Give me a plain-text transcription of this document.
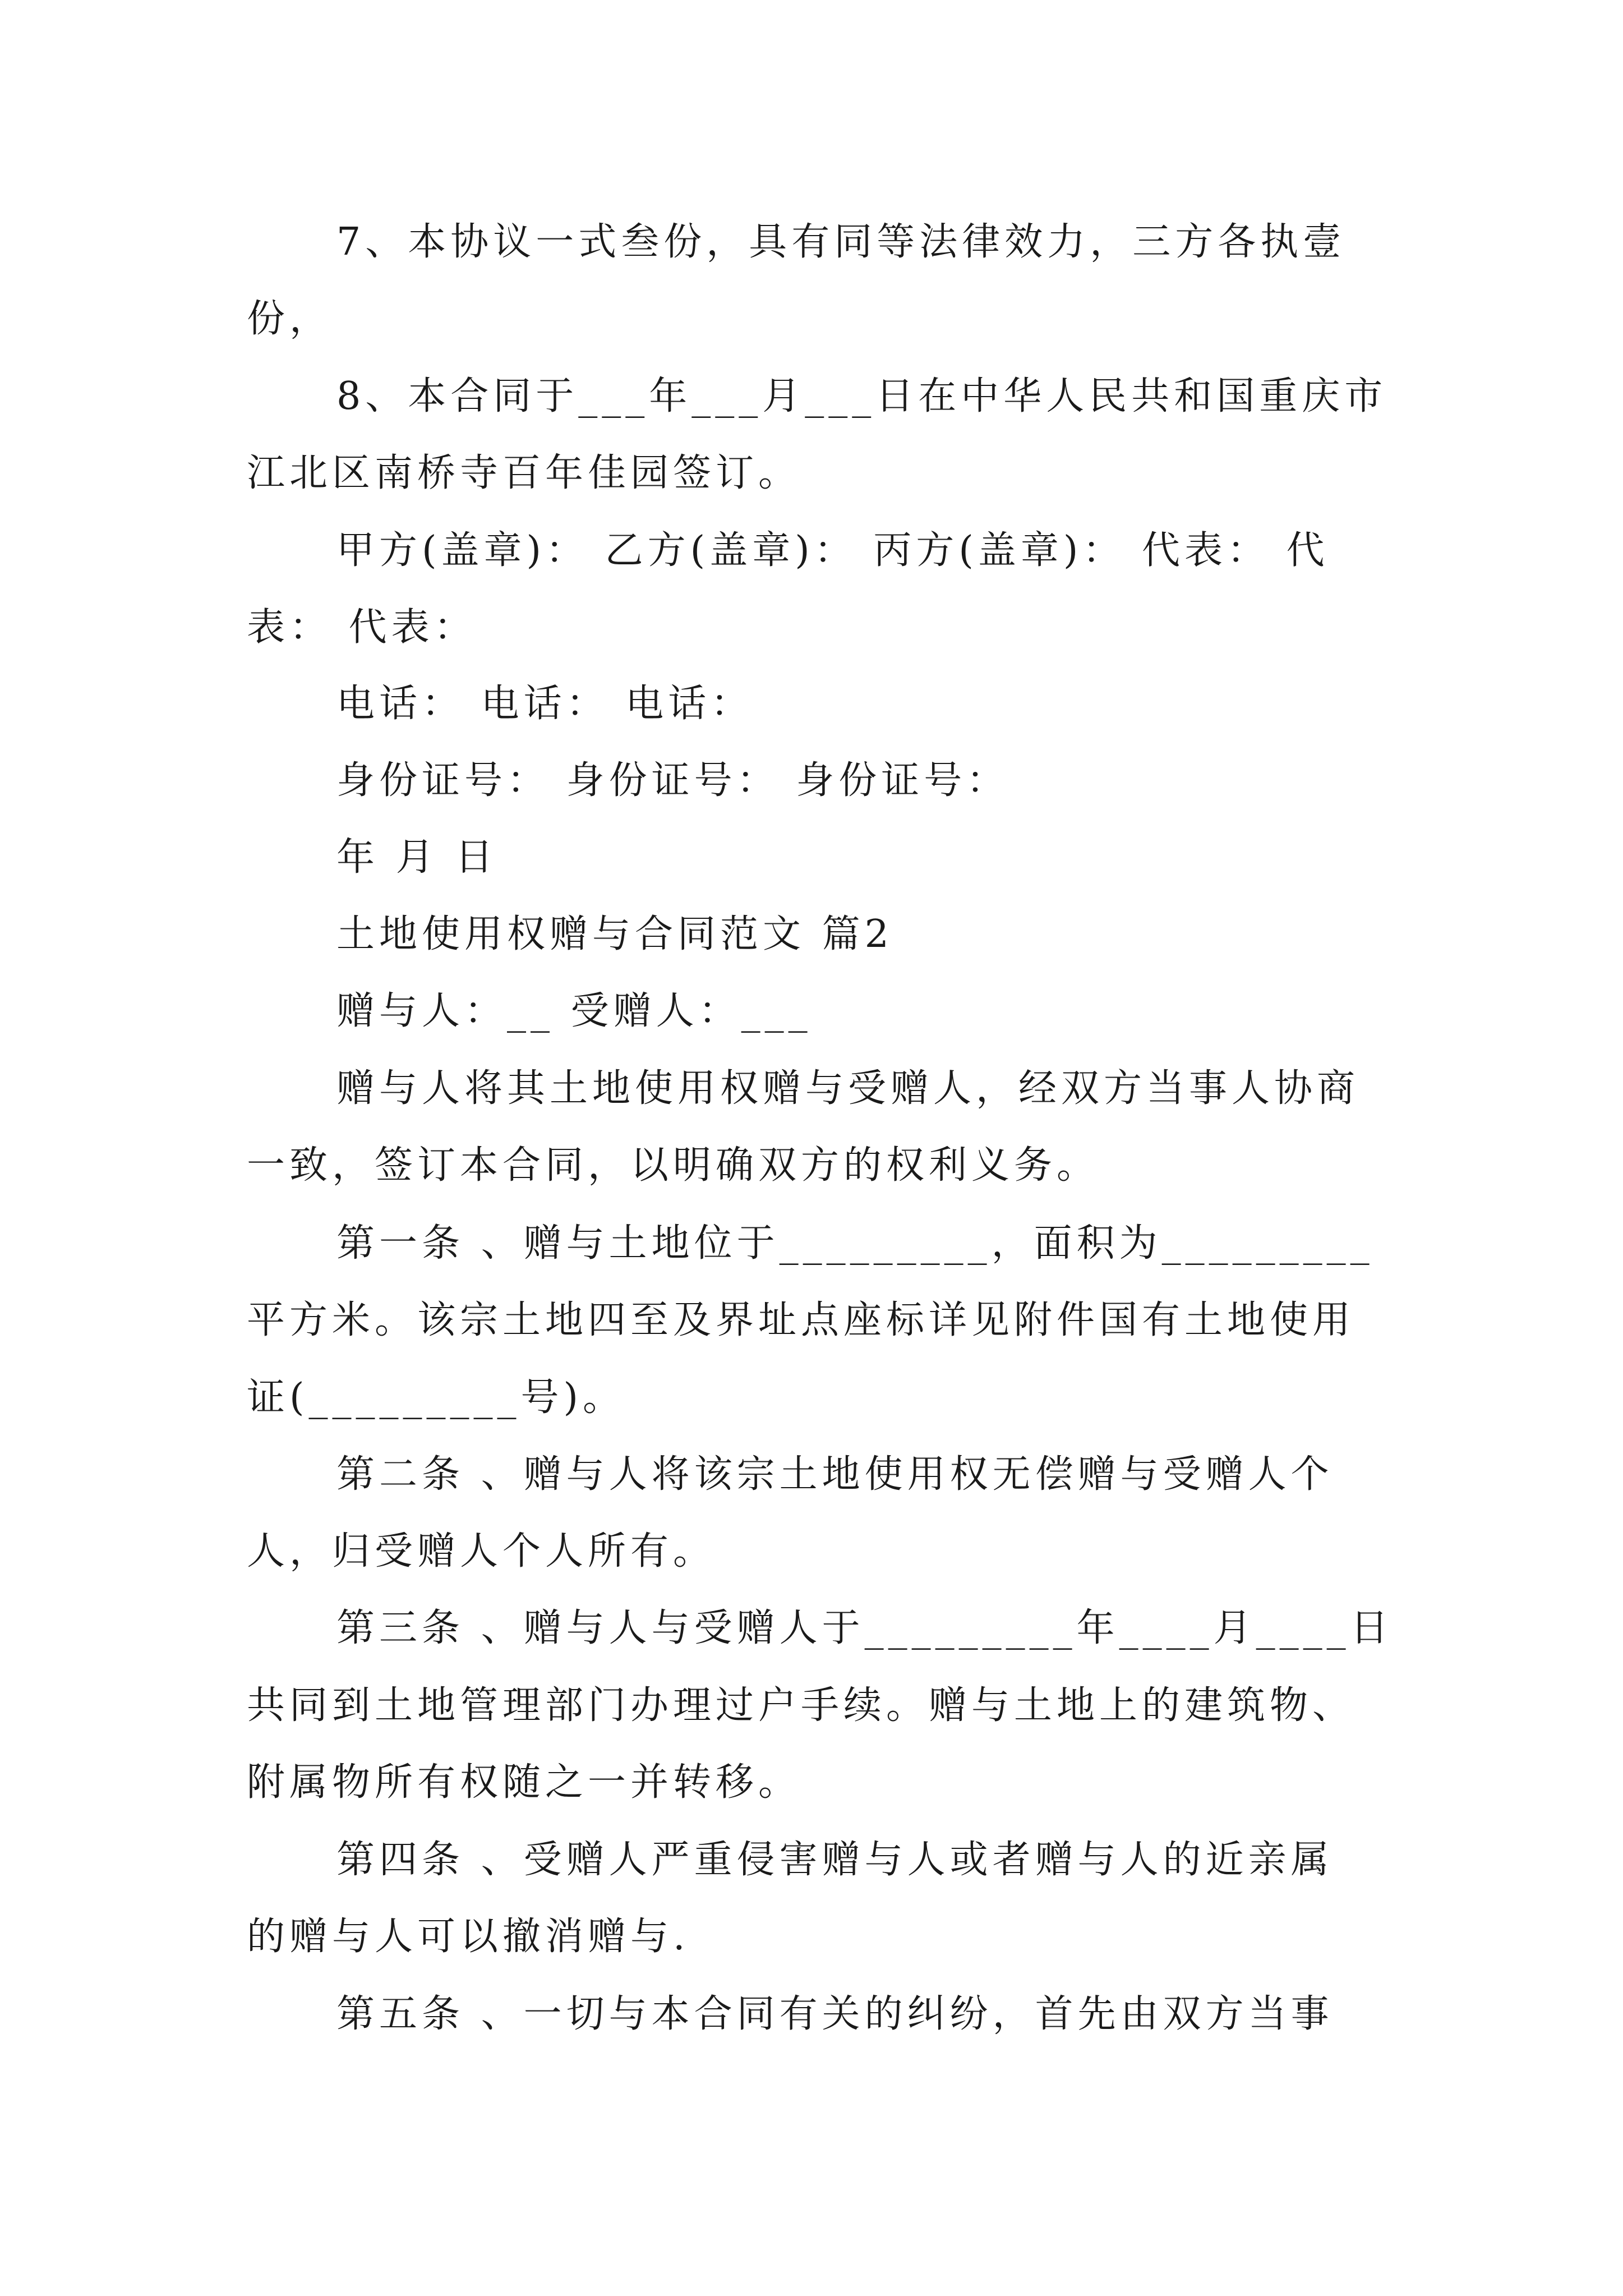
7、本协议一式叁份，具有同等法律效力，三方各执壹
份，
8、本合同于___年___月___日在中华人民共和国重庆市
江北区南桥寺百年佳园签订。
甲方(盖章)： 乙方(盖章)： 丙方(盖章)： 代表： 代
表： 代表：
电话： 电话： 电话：
身份证号： 身份证号： 身份证号：
年 月 日
土地使用权赠与合同范文 篇2
赠与人：__ 受赠人：___
赠与人将其土地使用权赠与受赠人，经双方当事人协商
一致，签订本合同，以明确双方的权利义务。
第一条 、赠与土地位于_________，面积为_________
平方米。该宗土地四至及界址点座标详见附件国有土地使用
证(_________号)。
第二条 、赠与人将该宗土地使用权无偿赠与受赠人个
人，归受赠人个人所有。
第三条 、赠与人与受赠人于_________年____月____日
共同到土地管理部门办理过户手续。赠与土地上的建筑物、
附属物所有权随之一并转移。
第四条 、受赠人严重侵害赠与人或者赠与人的近亲属
的赠与人可以撤消赠与.
第五条 、一切与本合同有关的纠纷，首先由双方当事
